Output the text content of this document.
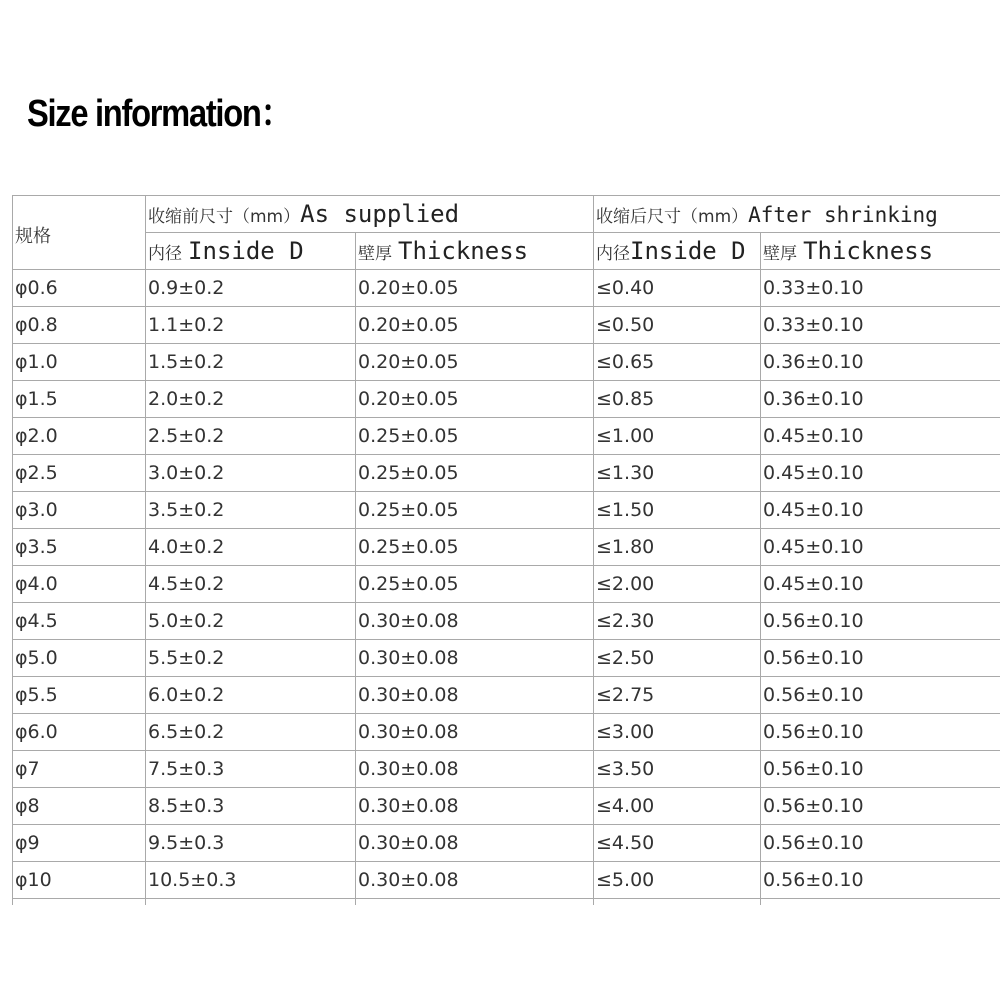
Size information：
规格	收缩前尺寸（mm）As supplied		收缩后尺寸（mm）After shrinking	
	内径 Inside D	壁厚 Thickness	内径Inside D	壁厚 Thickness
φ0.6	0.9±0.2	0.20±0.05	≤0.40	0.33±0.10
φ0.8	1.1±0.2	0.20±0.05	≤0.50	0.33±0.10
φ1.0	1.5±0.2	0.20±0.05	≤0.65	0.36±0.10
φ1.5	2.0±0.2	0.20±0.05	≤0.85	0.36±0.10
φ2.0	2.5±0.2	0.25±0.05	≤1.00	0.45±0.10
φ2.5	3.0±0.2	0.25±0.05	≤1.30	0.45±0.10
φ3.0	3.5±0.2	0.25±0.05	≤1.50	0.45±0.10
φ3.5	4.0±0.2	0.25±0.05	≤1.80	0.45±0.10
φ4.0	4.5±0.2	0.25±0.05	≤2.00	0.45±0.10
φ4.5	5.0±0.2	0.30±0.08	≤2.30	0.56±0.10
φ5.0	5.5±0.2	0.30±0.08	≤2.50	0.56±0.10
φ5.5	6.0±0.2	0.30±0.08	≤2.75	0.56±0.10
φ6.0	6.5±0.2	0.30±0.08	≤3.00	0.56±0.10
φ7	7.5±0.3	0.30±0.08	≤3.50	0.56±0.10
φ8	8.5±0.3	0.30±0.08	≤4.00	0.56±0.10
φ9	9.5±0.3	0.30±0.08	≤4.50	0.56±0.10
φ10	10.5±0.3	0.30±0.08	≤5.00	0.56±0.10
